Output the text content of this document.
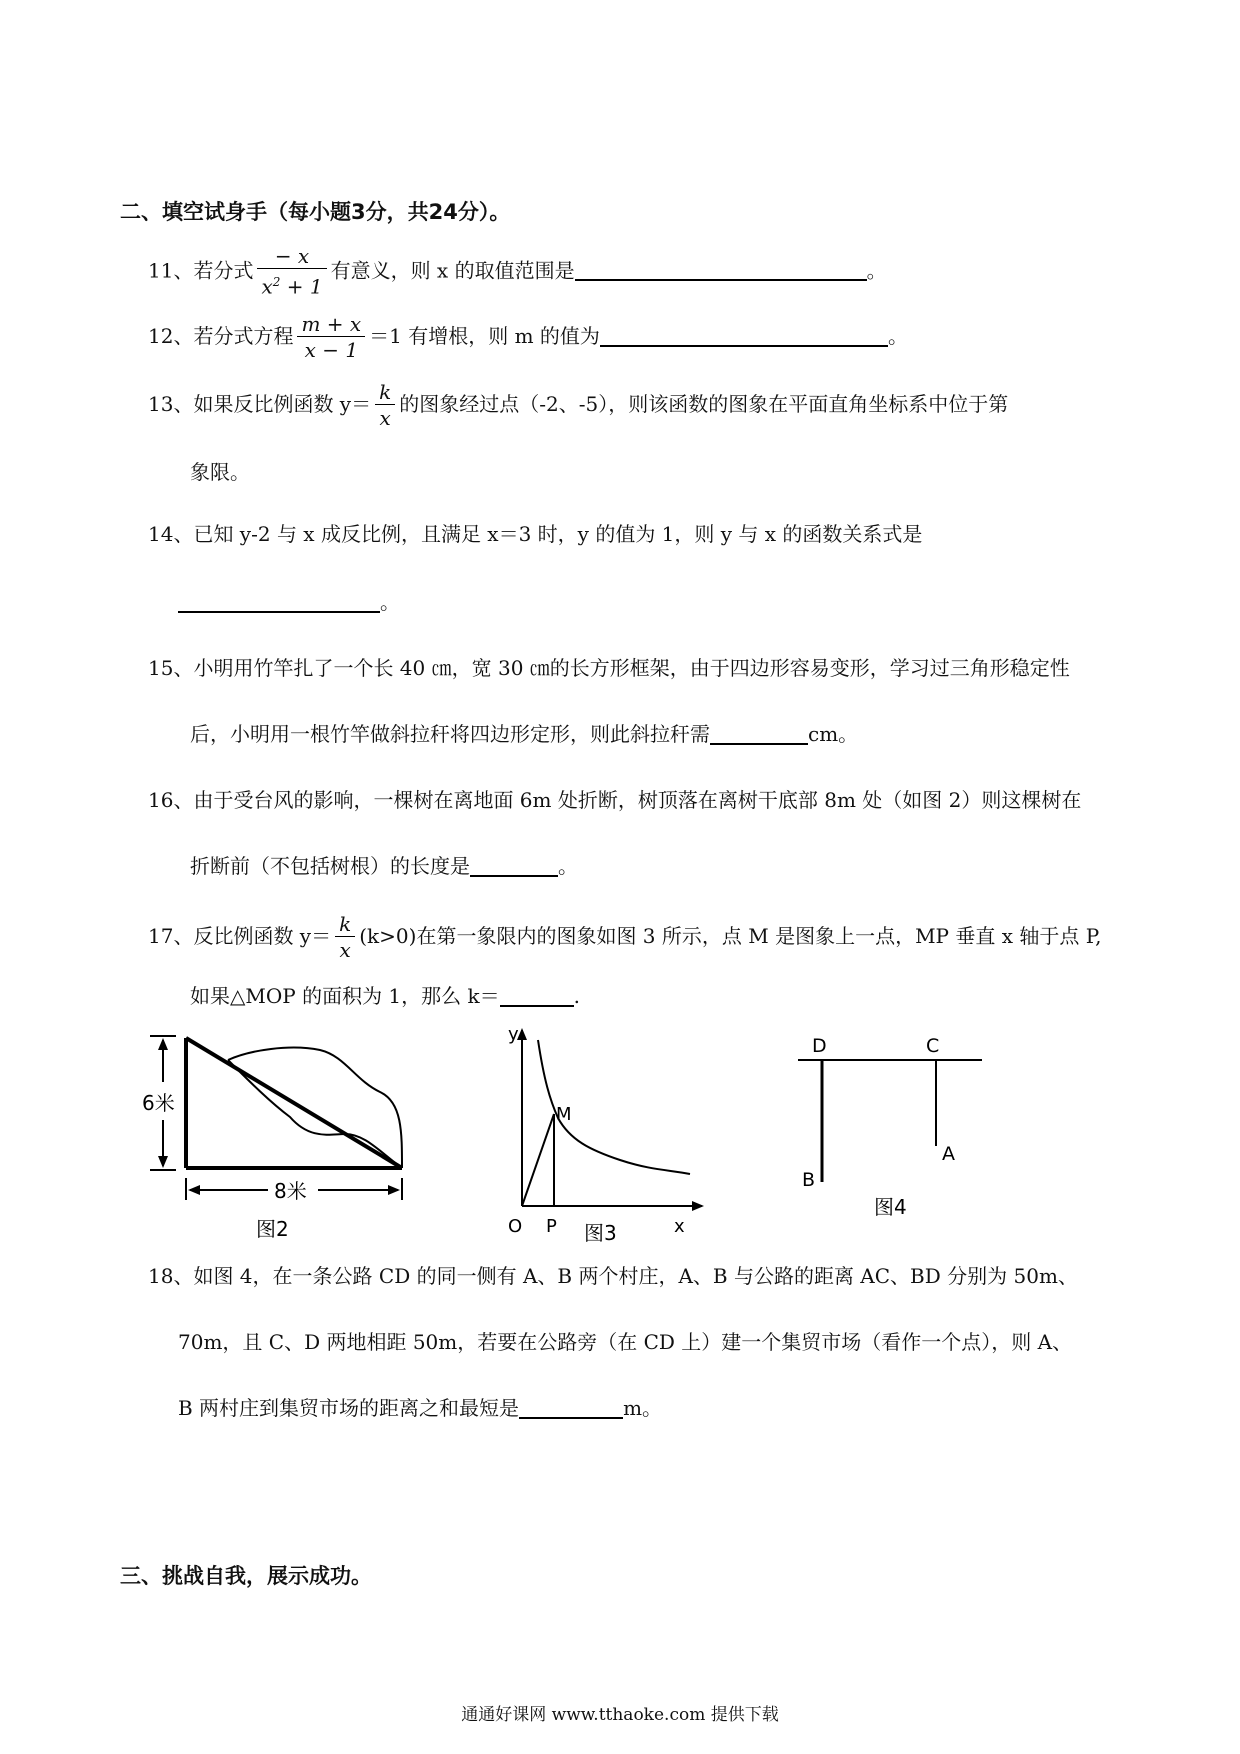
二、填空试身手（每小题3分，共24分）。
11、若分式 $\frac{- x}{x^2 + 1}$ 有意义，则 x 的取值范围是	。
12、若分式方程 $\frac{m + x}{x - 1} =1$ 有增根，则 m 的值为	。
13、如果反比例函数 $y= \frac{k}{x}$ 的图象经过点（-2、-5），则该函数的图象在平面直角坐标系中位于第
象限。
14、已知 y-2 与 x 成反比例，且满足 x＝3 时，y 的值为 1，则 y 与 x 的函数关系式是
。
15、小明用竹竿扎了一个长 40 ㎝，宽 30 ㎝的长方形框架，由于四边形容易变形，学习过三角形稳定性
后，小明用一根竹竿做斜拉秆将四边形定形，则此斜拉秆需	cm。
16、由于受台风的影响，一棵树在离地面 6m 处折断，树顶落在离树干底部 8m 处（如图 2）则这棵树在
折断前（不包括树根）的长度是	。
17、反比例函数 $y= \frac{k}{x} (k>0)$在第一象限内的图象如图 3 所示，点 M 是图象上一点，MP 垂直 x 轴于点 P,
如果△MOP 的面积为 1，那么 k＝	.
6米
8米
图2
y
x
O P
M
图3
D	C
A
B
图4
18、如图 4，在一条公路 CD 的同一侧有 A、B 两个村庄，A、B 与公路的距离 AC、BD 分别为 50m、
70m，且 C、D 两地相距 50m，若要在公路旁（在 CD 上）建一个集贸市场（看作一个点），则 A、
B 两村庄到集贸市场的距离之和最短是	m。
三、挑战自我，展示成功。
通通好课网 www.tthaoke.com 提供下载
